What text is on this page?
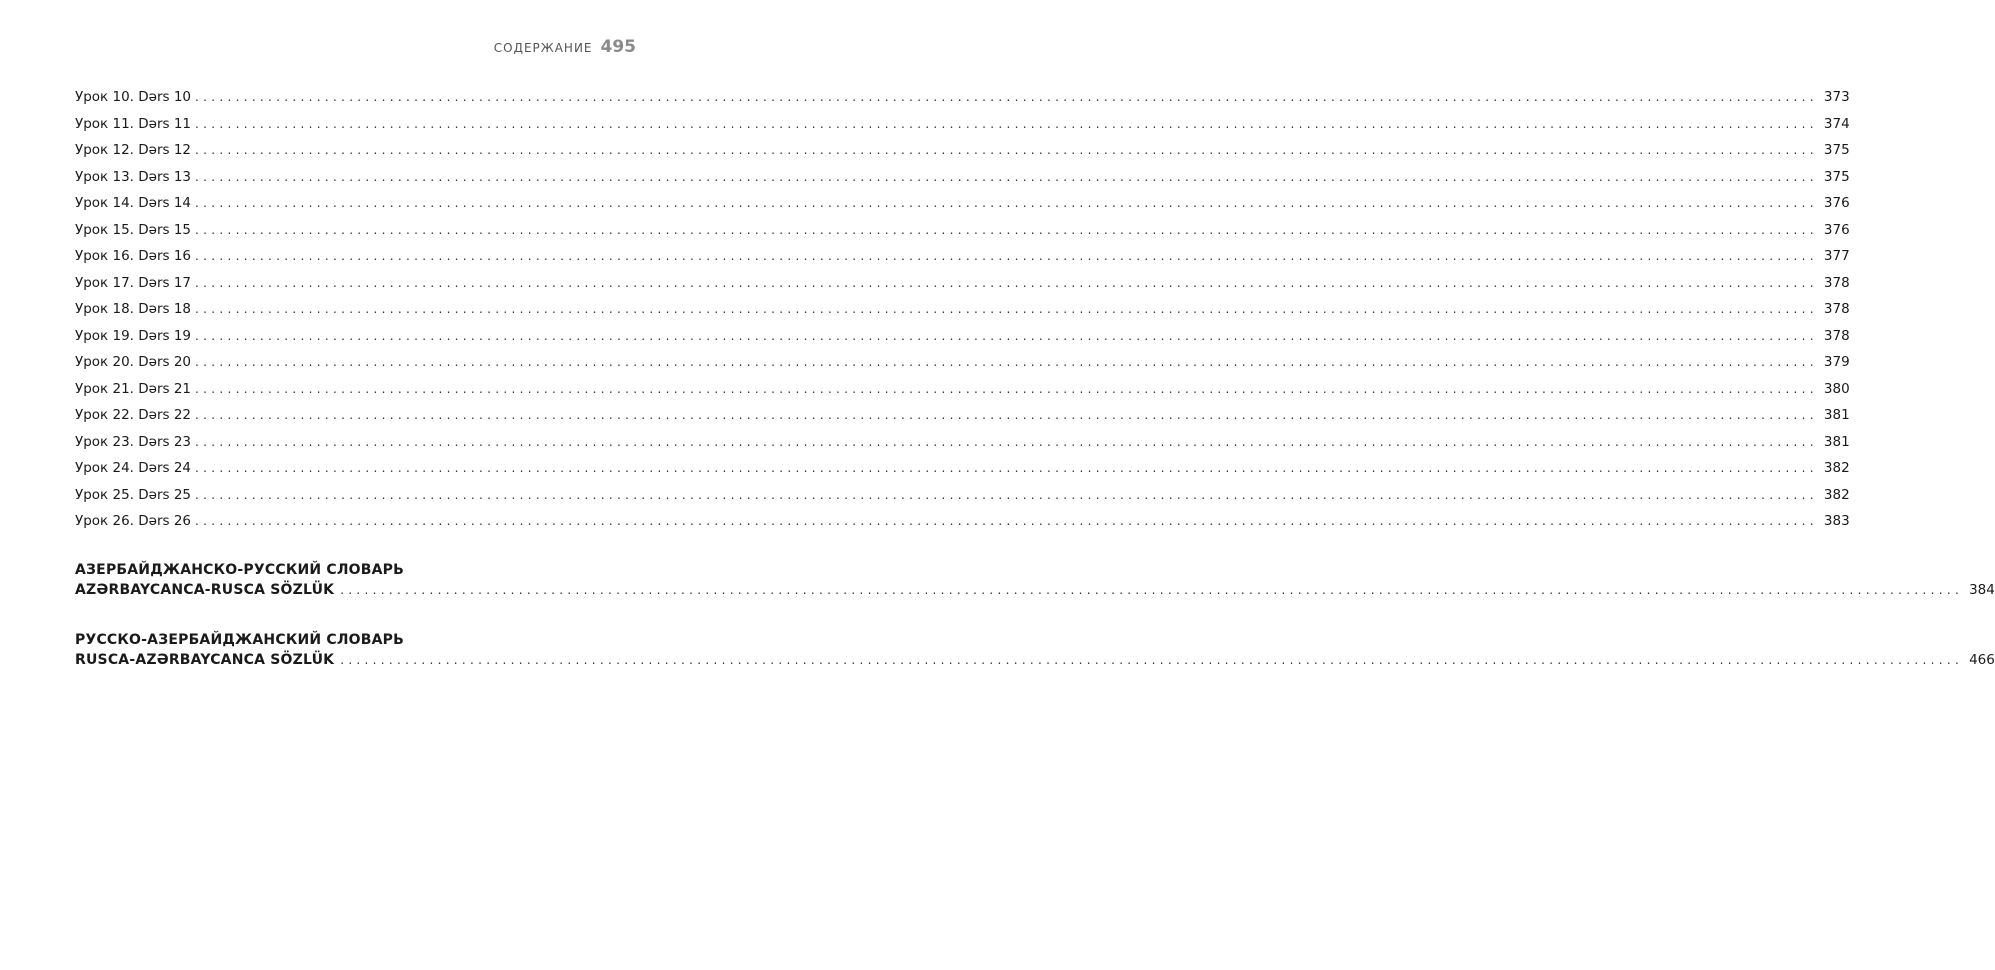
СОДЕРЖАНИЕ 495
Урок 10. Dərs 10 ........................................................................................................................................................................................................ 373
Урок 11. Dərs 11 ........................................................................................................................................................................................................ 374
Урок 12. Dərs 12 ........................................................................................................................................................................................................ 375
Урок 13. Dərs 13 ........................................................................................................................................................................................................ 375
Урок 14. Dərs 14 ........................................................................................................................................................................................................ 376
Урок 15. Dərs 15 ........................................................................................................................................................................................................ 376
Урок 16. Dərs 16 ........................................................................................................................................................................................................ 377
Урок 17. Dərs 17 ........................................................................................................................................................................................................ 378
Урок 18. Dərs 18 ........................................................................................................................................................................................................ 378
Урок 19. Dərs 19 ........................................................................................................................................................................................................ 378
Урок 20. Dərs 20 ........................................................................................................................................................................................................ 379
Урок 21. Dərs 21 ........................................................................................................................................................................................................ 380
Урок 22. Dərs 22 ........................................................................................................................................................................................................ 381
Урок 23. Dərs 23 ........................................................................................................................................................................................................ 381
Урок 24. Dərs 24 ........................................................................................................................................................................................................ 382
Урок 25. Dərs 25 ........................................................................................................................................................................................................ 382
Урок 26. Dərs 26 ........................................................................................................................................................................................................ 383
АЗЕРБАЙДЖАНСКО-РУССКИЙ СЛОВАРЬ
AZƏRBAYCANCA-RUSCA SÖZLÜK ........................................................................................................................................................................................................ 384
РУССКО-АЗЕРБАЙДЖАНСКИЙ СЛОВАРЬ
RUSCA-AZƏRBAYCANCA SÖZLÜK ........................................................................................................................................................................................................ 466
